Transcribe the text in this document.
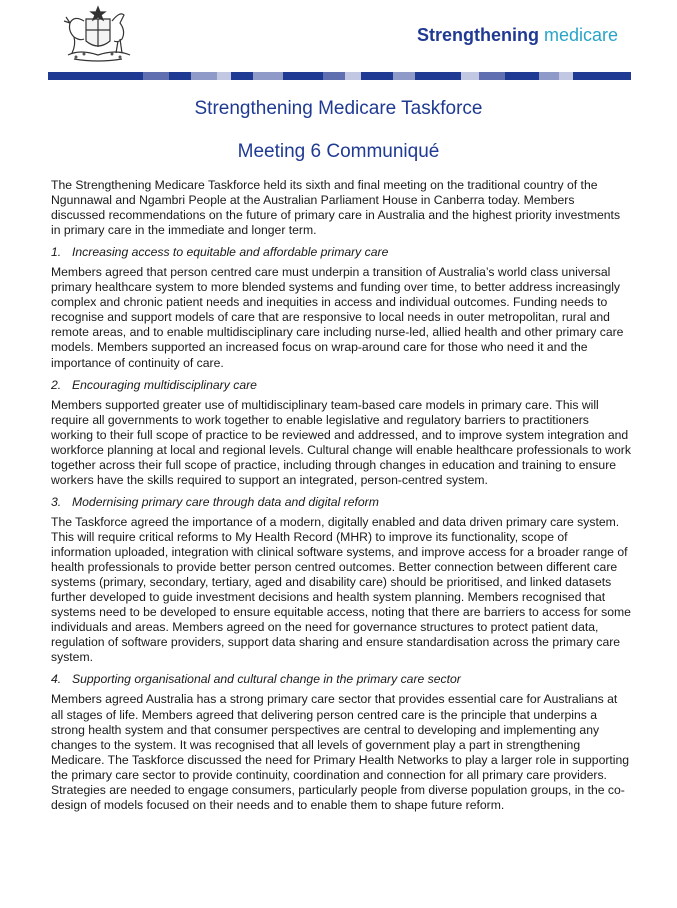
Strengthening medicare
Strengthening Medicare Taskforce
Meeting 6 Communiqué

The Strengthening Medicare Taskforce held its sixth and final meeting on the traditional country of the Ngunnawal and Ngambri People at the Australian Parliament House in Canberra today. Members discussed recommendations on the future of primary care in Australia and the highest priority investments in primary care in the immediate and longer term.

1. Increasing access to equitable and affordable primary care

Members agreed that person centred care must underpin a transition of Australia’s world class universal primary healthcare system to more blended systems and funding over time, to better address increasingly complex and chronic patient needs and inequities in access and individual outcomes. Funding needs to recognise and support models of care that are responsive to local needs in outer metropolitan, rural and remote areas, and to enable multidisciplinary care including nurse-led, allied health and other primary care models. Members supported an increased focus on wrap-around care for those who need it and the importance of continuity of care.

2. Encouraging multidisciplinary care

Members supported greater use of multidisciplinary team-based care models in primary care. This will require all governments to work together to enable legislative and regulatory barriers to practitioners working to their full scope of practice to be reviewed and addressed, and to improve system integration and workforce planning at local and regional levels. Cultural change will enable healthcare professionals to work together across their full scope of practice, including through changes in education and training to ensure workers have the skills required to support an integrated, person-centred system.

3. Modernising primary care through data and digital reform

The Taskforce agreed the importance of a modern, digitally enabled and data driven primary care system. This will require critical reforms to My Health Record (MHR) to improve its functionality, scope of information uploaded, integration with clinical software systems, and improve access for a broader range of health professionals to provide better person centred outcomes. Better connection between different care systems (primary, secondary, tertiary, aged and disability care) should be prioritised, and linked datasets further developed to guide investment decisions and health system planning. Members recognised that systems need to be developed to ensure equitable access, noting that there are barriers to access for some individuals and areas. Members agreed on the need for governance structures to protect patient data, regulation of software providers, support data sharing and ensure standardisation across the primary care system.

4. Supporting organisational and cultural change in the primary care sector

Members agreed Australia has a strong primary care sector that provides essential care for Australians at all stages of life. Members agreed that delivering person centred care is the principle that underpins a strong health system and that consumer perspectives are central to developing and implementing any changes to the system. It was recognised that all levels of government play a part in strengthening Medicare. The Taskforce discussed the need for Primary Health Networks to play a larger role in supporting the primary care sector to provide continuity, coordination and connection for all primary care providers. Strategies are needed to engage consumers, particularly people from diverse population groups, in the co-design of models focused on their needs and to enable them to shape future reform.
